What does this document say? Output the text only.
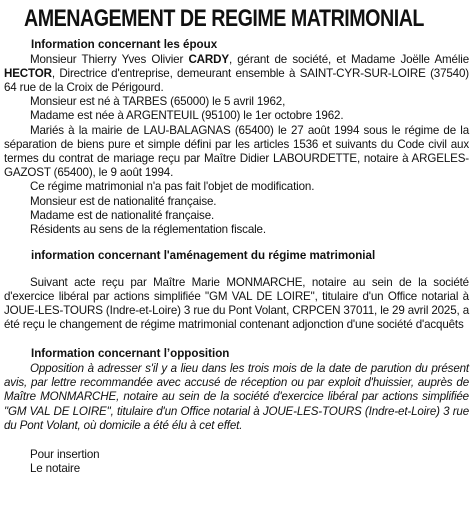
AMENAGEMENT DE REGIME MATRIMONIAL
Information concernant les époux

Monsieur Thierry Yves Olivier CARDY, gérant de société, et Madame Joëlle Amélie HECTOR, Directrice d'entreprise, demeurant ensemble à SAINT-CYR-SUR-LOIRE (37540) 64 rue de la Croix de Périgourd.

Monsieur est né à TARBES (65000) le 5 avril 1962,

Madame est née à ARGENTEUIL (95100) le 1er octobre 1962.

Mariés à la mairie de LAU-BALAGNAS (65400) le 27 août 1994 sous le régime de la séparation de biens pure et simple défini par les articles 1536 et suivants du Code civil aux termes du contrat de mariage reçu par Maître Didier LABOURDETTE, notaire à ARGELES-GAZOST (65400), le 9 août 1994.

Ce régime matrimonial n'a pas fait l'objet de modification.

Monsieur est de nationalité française.

Madame est de nationalité française.

Résidents au sens de la réglementation fiscale.

information concernant l'aménagement du régime matrimonial

Suivant acte reçu par Maître Marie MONMARCHE, notaire au sein de la société d'exercice libéral par actions simplifiée "GM VAL DE LOIRE", titulaire d'un Office notarial à JOUE-LES-TOURS (Indre-et-Loire) 3 rue du Pont Volant, CRPCEN 37011, le 29 avril 2025, a été reçu le changement de régime matrimonial contenant adjonction d'une société d'acquêts

Information concernant l’opposition

Opposition à adresser s'il y a lieu dans les trois mois de la date de parution du présent avis, par lettre recommandée avec accusé de réception ou par exploit d'huissier, auprès de Maître MONMARCHE, notaire au sein de la société d'exercice libéral par actions simplifiée "GM VAL DE LOIRE", titulaire d'un Office notarial à JOUE-LES-TOURS (Indre-et-Loire) 3 rue du Pont Volant, où domicile a été élu à cet effet.

Pour insertion

Le notaire
